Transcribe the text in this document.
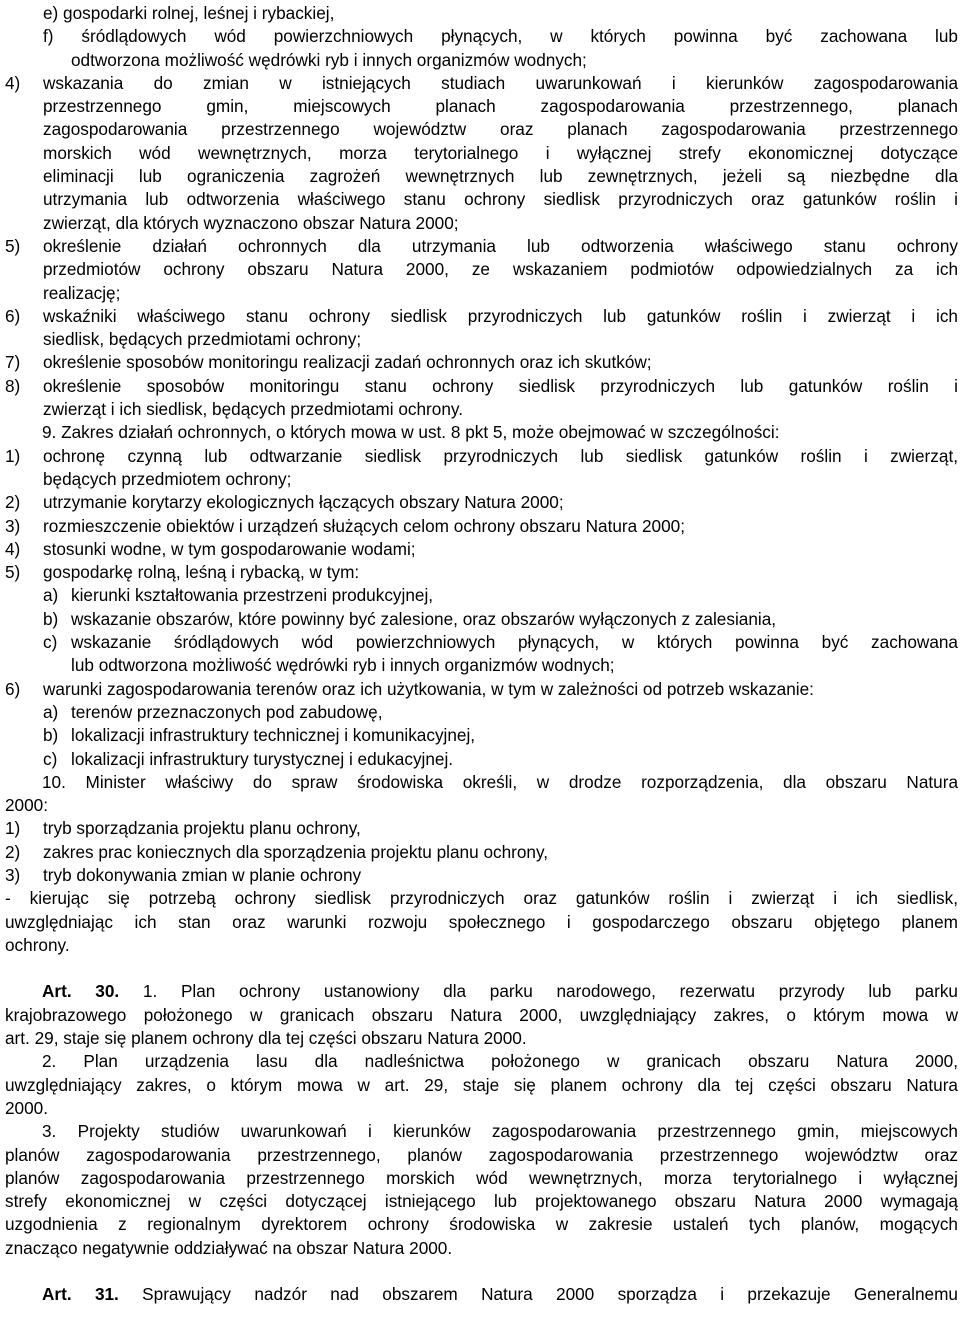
e) gospodarki rolnej, leśnej i rybackiej,
f) śródlądowych wód powierzchniowych płynących, w których powinna być zachowana lub
odtworzona możliwość wędrówki ryb i innych organizmów wodnych;
4)	wskazania do zmian w istniejących studiach uwarunkowań i kierunków zagospodarowania
przestrzennego gmin, miejscowych planach zagospodarowania przestrzennego, planach
zagospodarowania przestrzennego województw oraz planach zagospodarowania przestrzennego
morskich wód wewnętrznych, morza terytorialnego i wyłącznej strefy ekonomicznej dotyczące
eliminacji lub ograniczenia zagrożeń wewnętrznych lub zewnętrznych, jeżeli są niezbędne dla
utrzymania lub odtworzenia właściwego stanu ochrony siedlisk przyrodniczych oraz gatunków roślin i
zwierząt, dla których wyznaczono obszar Natura 2000;
5)	określenie działań ochronnych dla utrzymania lub odtworzenia właściwego stanu ochrony
przedmiotów ochrony obszaru Natura 2000, ze wskazaniem podmiotów odpowiedzialnych za ich
realizację;
6)	wskaźniki właściwego stanu ochrony siedlisk przyrodniczych lub gatunków roślin i zwierząt i ich
siedlisk, będących przedmiotami ochrony;
7)	określenie sposobów monitoringu realizacji zadań ochronnych oraz ich skutków;
8)	określenie sposobów monitoringu stanu ochrony siedlisk przyrodniczych lub gatunków roślin i
zwierząt i ich siedlisk, będących przedmiotami ochrony.
9. Zakres działań ochronnych, o których mowa w ust. 8 pkt 5, może obejmować w szczególności:
1)	ochronę czynną lub odtwarzanie siedlisk przyrodniczych lub siedlisk gatunków roślin i zwierząt,
będących przedmiotem ochrony;
2)	utrzymanie korytarzy ekologicznych łączących obszary Natura 2000;
3)	rozmieszczenie obiektów i urządzeń służących celom ochrony obszaru Natura 2000;
4)	stosunki wodne, w tym gospodarowanie wodami;
5)	gospodarkę rolną, leśną i rybacką, w tym:
a) kierunki kształtowania przestrzeni produkcyjnej,
b) wskazanie obszarów, które powinny być zalesione, oraz obszarów wyłączonych z zalesiania,
c) wskazanie śródlądowych wód powierzchniowych płynących, w których powinna być zachowana
lub odtworzona możliwość wędrówki ryb i innych organizmów wodnych;
6)	warunki zagospodarowania terenów oraz ich użytkowania, w tym w zależności od potrzeb wskazanie:
a) terenów przeznaczonych pod zabudowę,
b) lokalizacji infrastruktury technicznej i komunikacyjnej,
c) lokalizacji infrastruktury turystycznej i edukacyjnej.
10. Minister właściwy do spraw środowiska określi, w drodze rozporządzenia, dla obszaru Natura
2000:
1)	tryb sporządzania projektu planu ochrony,
2)	zakres prac koniecznych dla sporządzenia projektu planu ochrony,
3)	tryb dokonywania zmian w planie ochrony
- kierując się potrzebą ochrony siedlisk przyrodniczych oraz gatunków roślin i zwierząt i ich siedlisk,
uwzględniając ich stan oraz warunki rozwoju społecznego i gospodarczego obszaru objętego planem
ochrony.
Art. 30. 1. Plan ochrony ustanowiony dla parku narodowego, rezerwatu przyrody lub parku
krajobrazowego położonego w granicach obszaru Natura 2000, uwzględniający zakres, o którym mowa w
art. 29, staje się planem ochrony dla tej części obszaru Natura 2000.
2. Plan urządzenia lasu dla nadleśnictwa położonego w granicach obszaru Natura 2000,
uwzględniający zakres, o którym mowa w art. 29, staje się planem ochrony dla tej części obszaru Natura
2000.
3. Projekty studiów uwarunkowań i kierunków zagospodarowania przestrzennego gmin, miejscowych
planów zagospodarowania przestrzennego, planów zagospodarowania przestrzennego województw oraz
planów zagospodarowania przestrzennego morskich wód wewnętrznych, morza terytorialnego i wyłącznej
strefy ekonomicznej w części dotyczącej istniejącego lub projektowanego obszaru Natura 2000 wymagają
uzgodnienia z regionalnym dyrektorem ochrony środowiska w zakresie ustaleń tych planów, mogących
znacząco negatywnie oddziaływać na obszar Natura 2000.
Art. 31. Sprawujący nadzór nad obszarem Natura 2000 sporządza i przekazuje Generalnemu
